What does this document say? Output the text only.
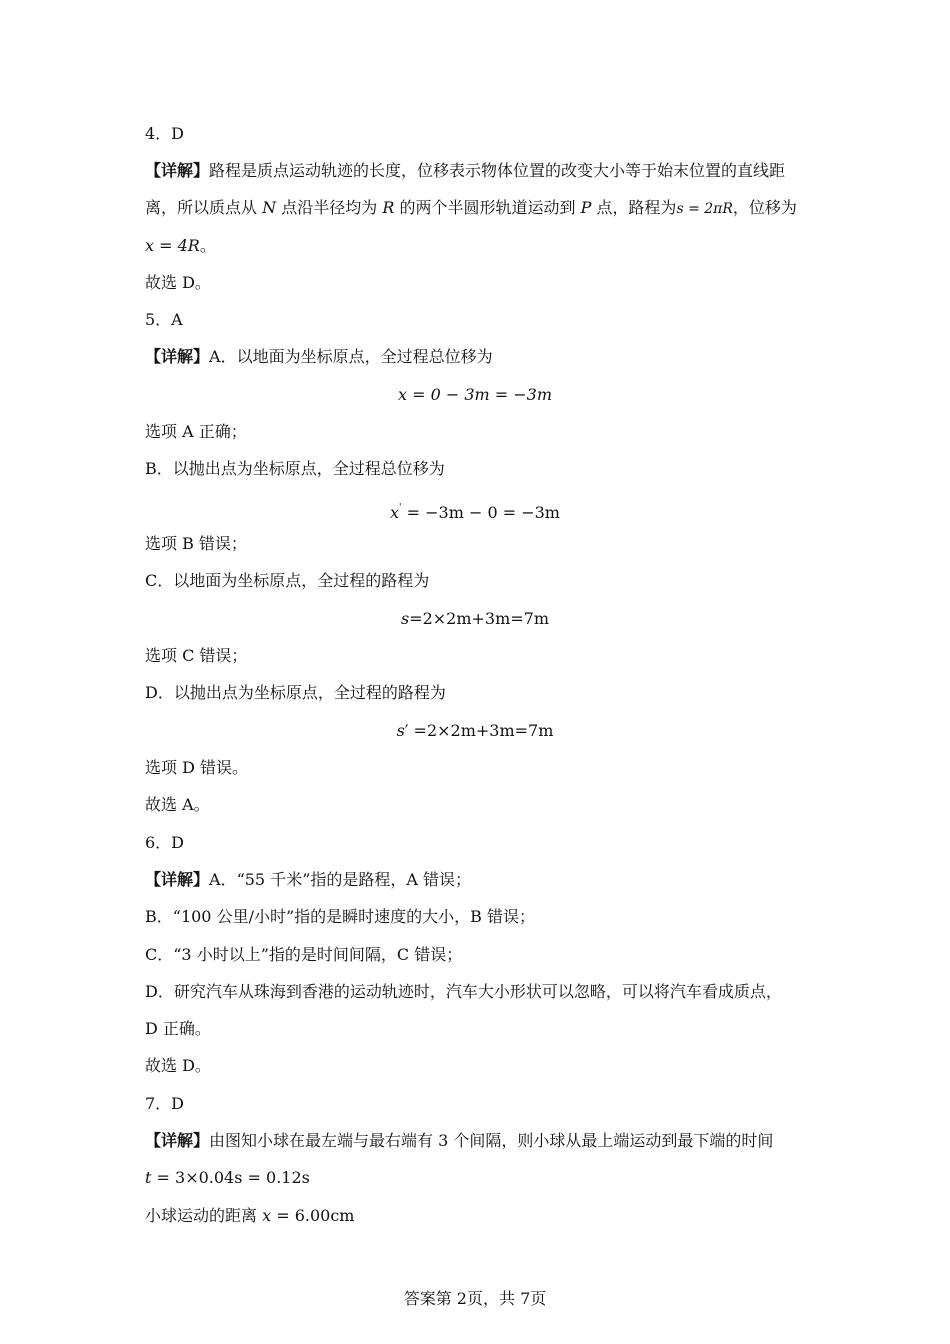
4．D
【详解】路程是质点运动轨迹的长度，位移表示物体位置的改变大小等于始末位置的直线距
离，所以质点从 N 点沿半径均为 R 的两个半圆形轨道运动到 P 点，路程为s = 2πR，位移为
x = 4R。
故选 D。
5．A
【详解】A．以地面为坐标原点，全过程总位移为
x = 0 − 3m = −3m
选项 A 正确；
B．以抛出点为坐标原点，全过程总位移为
x' = −3m − 0 = −3m
选项 B 错误；
C．以地面为坐标原点，全过程的路程为
s=2×2m+3m=7m
选项 C 错误；
D．以抛出点为坐标原点，全过程的路程为
s′ =2×2m+3m=7m
选项 D 错误。
故选 A。
6．D
【详解】A．“55 千米”指的是路程，A 错误；
B．“100 公里/小时”指的是瞬时速度的大小，B 错误；
C．“3 小时以上”指的是时间间隔，C 错误；
D．研究汽车从珠海到香港的运动轨迹时，汽车大小形状可以忽略，可以将汽车看成质点，
D 正确。
故选 D。
7．D
【详解】由图知小球在最左端与最右端有 3 个间隔，则小球从最上端运动到最下端的时间
t = 3×0.04s = 0.12s
小球运动的距离 x = 6.00cm
答案第 2页，共 7页
